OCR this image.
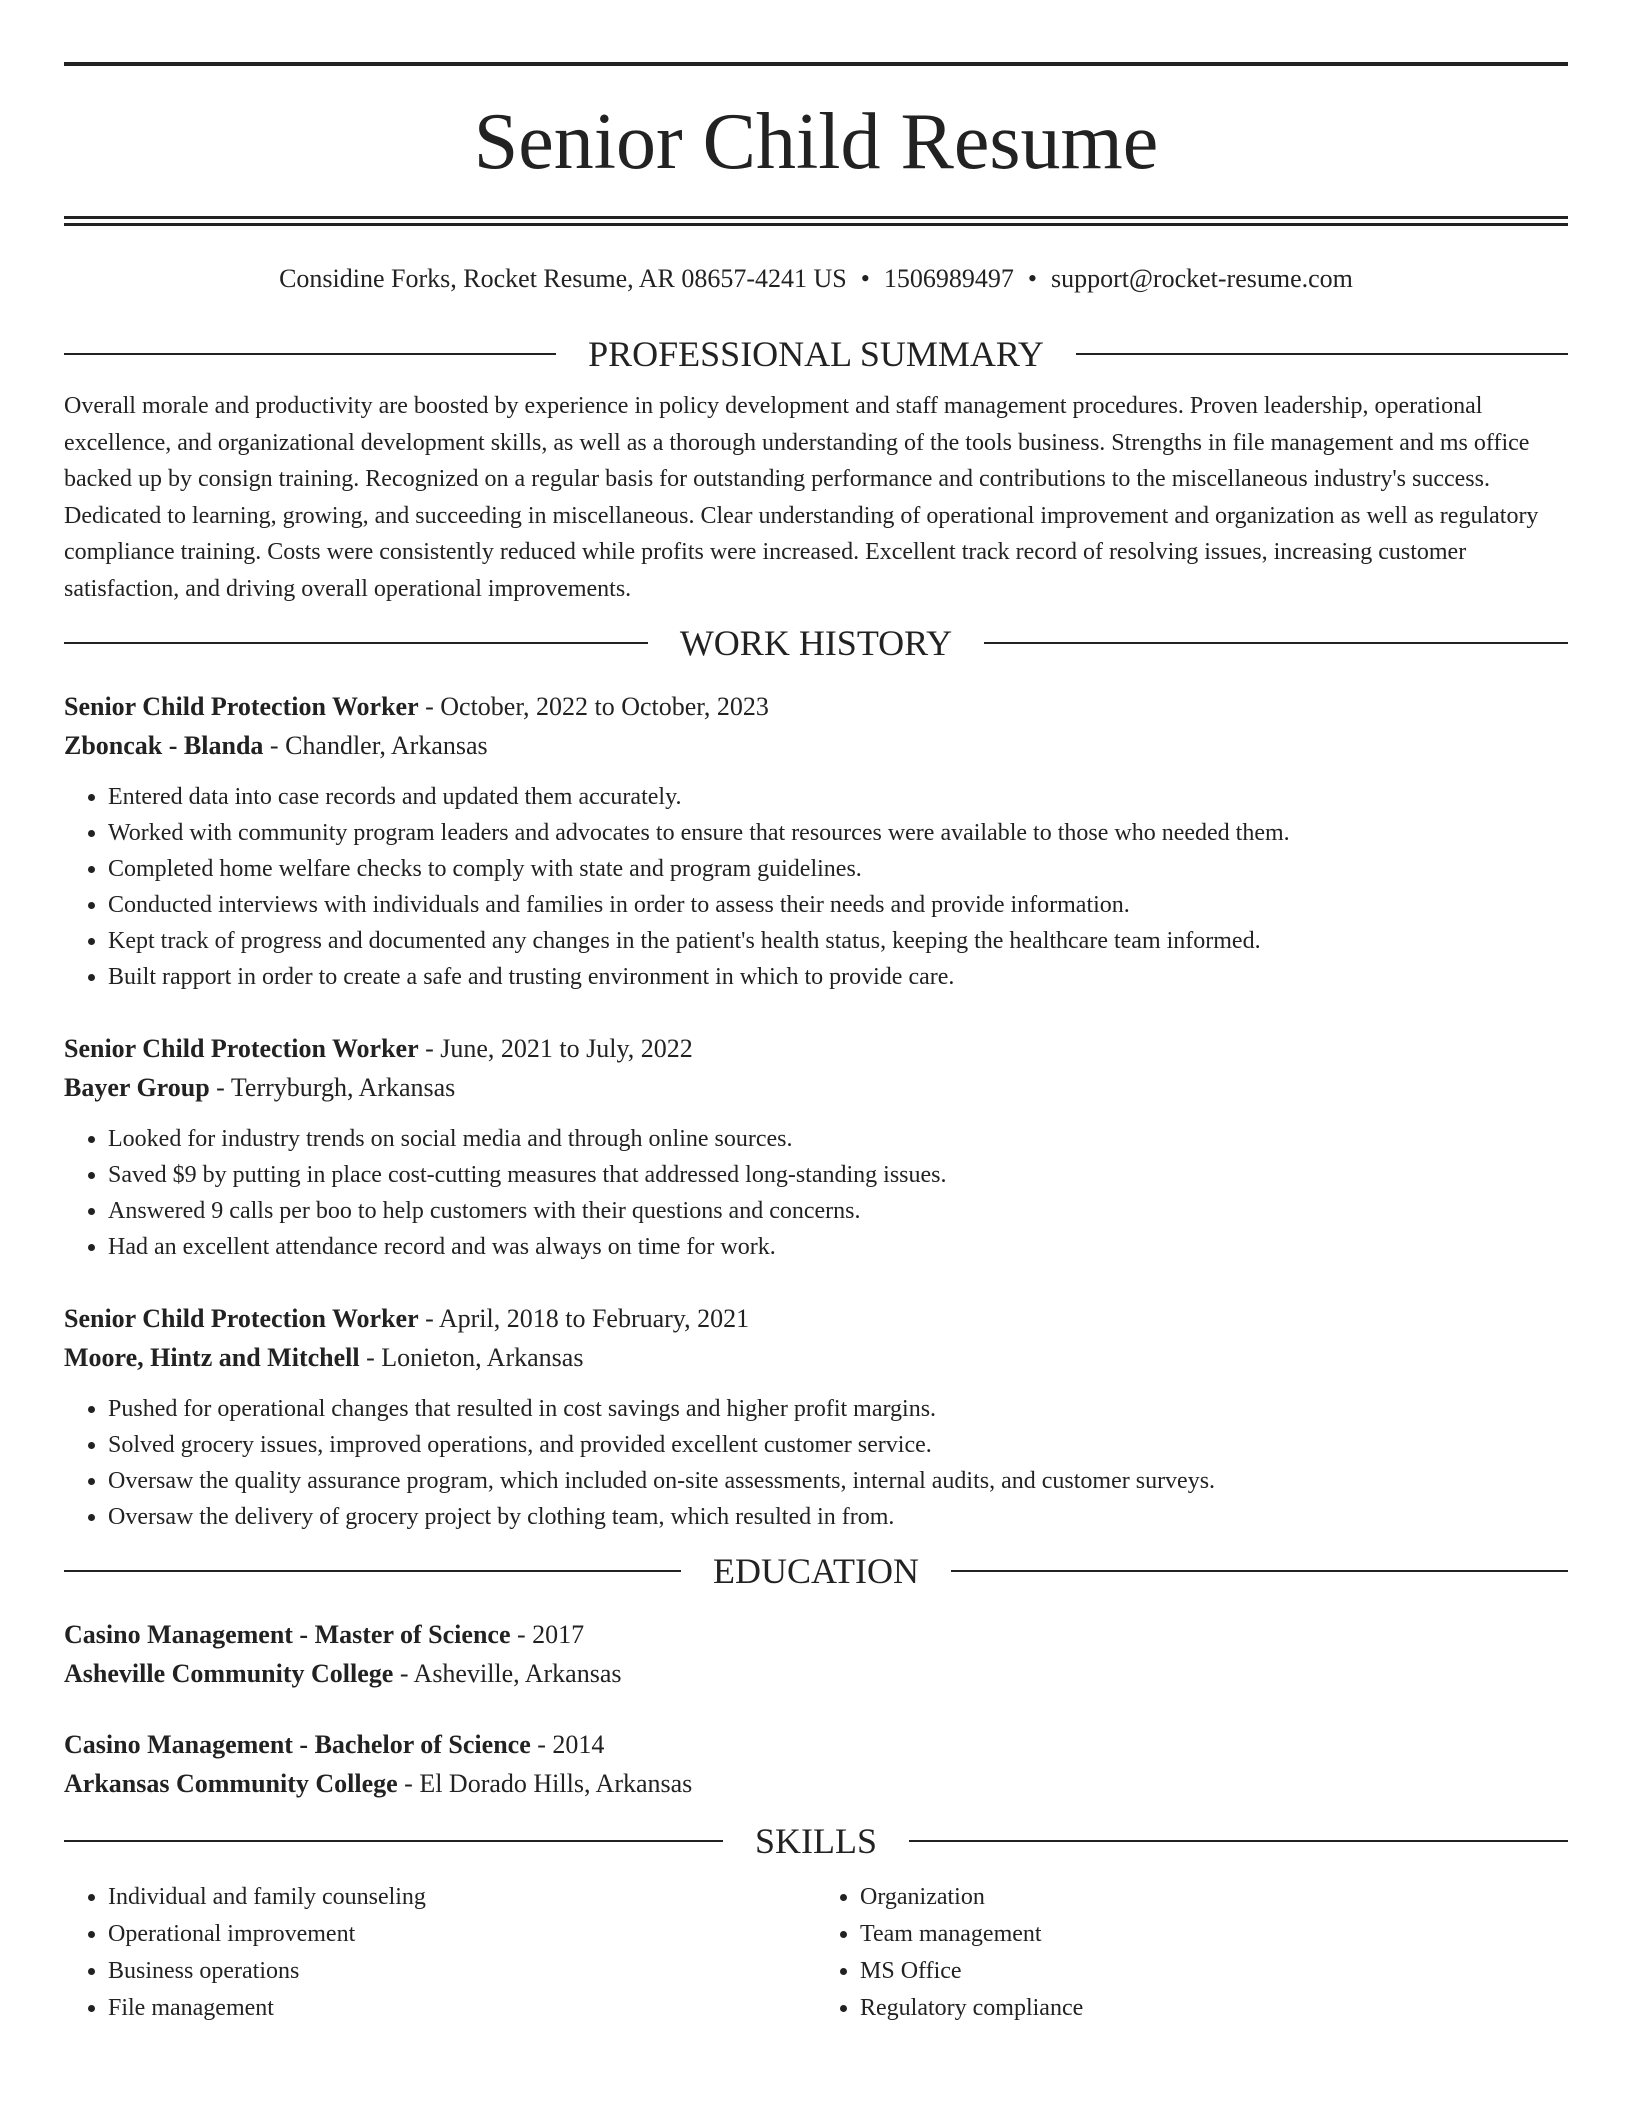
Senior Child Resume
Considine Forks, Rocket Resume, AR 08657-4241 US • 1506989497 • support@rocket-resume.com
PROFESSIONAL SUMMARY

Overall morale and productivity are boosted by experience in policy development and staff management procedures. Proven leadership, operational excellence, and organizational development skills, as well as a thorough understanding of the tools business. Strengths in file management and ms office backed up by consign training. Recognized on a regular basis for outstanding performance and contributions to the miscellaneous industry's success. Dedicated to learning, growing, and succeeding in miscellaneous. Clear understanding of operational improvement and organization as well as regulatory compliance training. Costs were consistently reduced while profits were increased. Excellent track record of resolving issues, increasing customer satisfaction, and driving overall operational improvements.

WORK HISTORY
Senior Child Protection Worker - October, 2022 to October, 2023
Zboncak - Blanda - Chandler, Arkansas
• Entered data into case records and updated them accurately.
• Worked with community program leaders and advocates to ensure that resources were available to those who needed them.
• Completed home welfare checks to comply with state and program guidelines.
• Conducted interviews with individuals and families in order to assess their needs and provide information.
• Kept track of progress and documented any changes in the patient's health status, keeping the healthcare team informed.
• Built rapport in order to create a safe and trusting environment in which to provide care.
Senior Child Protection Worker - June, 2021 to July, 2022
Bayer Group - Terryburgh, Arkansas
• Looked for industry trends on social media and through online sources.
• Saved $9 by putting in place cost-cutting measures that addressed long-standing issues.
• Answered 9 calls per boo to help customers with their questions and concerns.
• Had an excellent attendance record and was always on time for work.
Senior Child Protection Worker - April, 2018 to February, 2021
Moore, Hintz and Mitchell - Lonieton, Arkansas
• Pushed for operational changes that resulted in cost savings and higher profit margins.
• Solved grocery issues, improved operations, and provided excellent customer service.
• Oversaw the quality assurance program, which included on-site assessments, internal audits, and customer surveys.
• Oversaw the delivery of grocery project by clothing team, which resulted in from.
EDUCATION
Casino Management - Master of Science - 2017
Asheville Community College - Asheville, Arkansas
Casino Management - Bachelor of Science - 2014
Arkansas Community College - El Dorado Hills, Arkansas
SKILLS
• Individual and family counseling
• Operational improvement
• Business operations
• File management
• Organization
• Team management
• MS Office
• Regulatory compliance
